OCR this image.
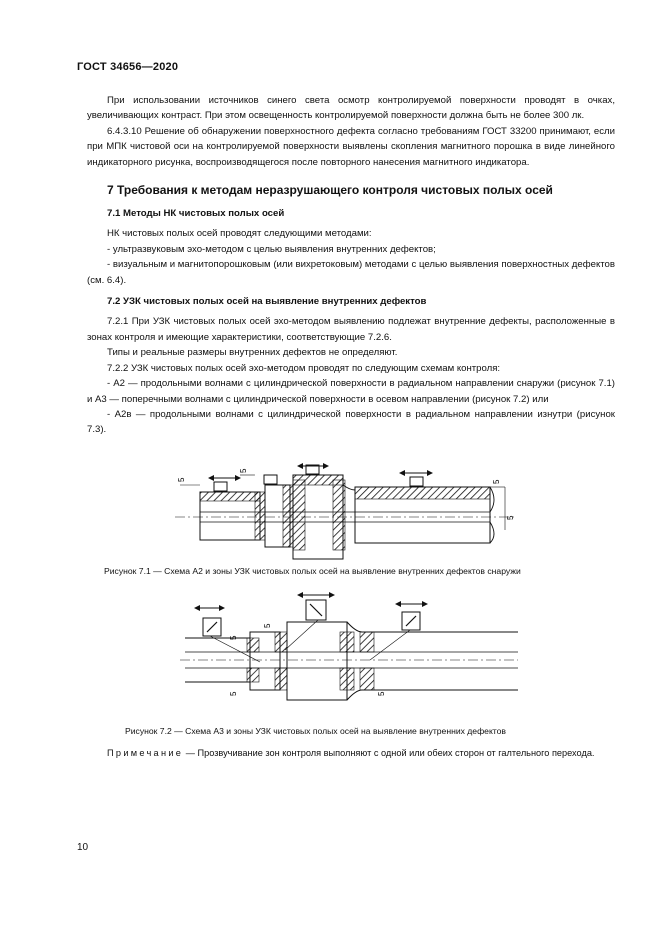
ГОСТ 34656—2020

При использовании источников синего света осмотр контролируемой поверхности проводят в очках, увеличивающих контраст. При этом освещенность контролируемой поверхности должна быть не более 300 лк.

6.4.3.10 Решение об обнаружении поверхностного дефекта согласно требованиям ГОСТ 33200 принимают, если при МПК чистовой оси на контролируемой поверхности выявлены скопления магнитного порошка в виде линейного индикаторного рисунка, воспроизводящегося после повторного нанесения магнитного индикатора.

7 Требования к методам неразрушающего контроля чистовых полых осей

7.1 Методы НК чистовых полых осей

НК чистовых полых осей проводят следующими методами:

- ультразвуковым эхо-методом с целью выявления внутренних дефектов;

- визуальным и магнитопорошковым (или вихретоковым) методами с целью выявления поверхностных дефектов (см. 6.4).

7.2 УЗК чистовых полых осей на выявление внутренних дефектов

7.2.1 При УЗК чистовых полых осей эхо-методом выявлению подлежат внутренние дефекты, расположенные в зонах контроля и имеющие характеристики, соответствующие 7.2.6.

Типы и реальные размеры внутренних дефектов не определяют.

7.2.2 УЗК чистовых полых осей эхо-методом проводят по следующим схемам контроля:

- А2 — продольными волнами с цилиндрической поверхности в радиальном направлении снаружи (рисунок 7.1) и А3 — поперечными волнами с цилиндрической поверхности в осевом направлении (рисунок 7.2) или

- А2в — продольными волнами с цилиндрической поверхности в радиальном направлении изнутри (рисунок 7.3).

5
5
5
5
Рисунок 7.1 — Схема А2 и зоны УЗК чистовых полых осей на выявление внутренних дефектов снаружи
5
5
5	5
Рисунок 7.2 — Схема А3 и зоны УЗК чистовых полых осей на выявление внутренних дефектов
Примечание — Прозвучивание зон контроля выполняют с одной или обеих сторон от галтельного перехода.
10
